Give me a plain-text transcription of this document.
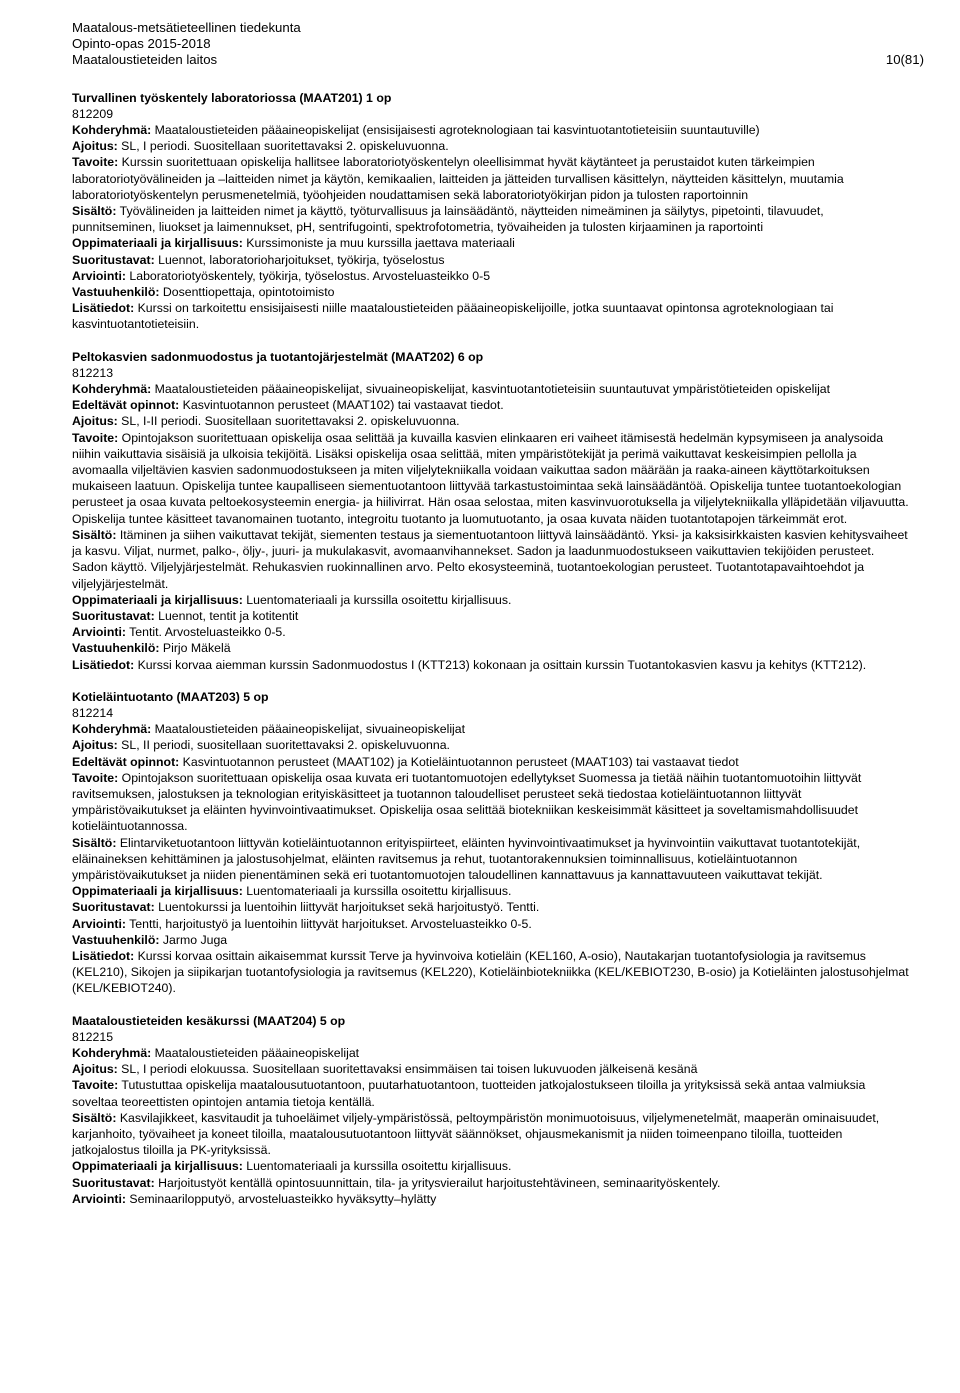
Maatalous-metsätieteellinen tiedekunta
Opinto-opas 2015-2018
Maataloustieteiden laitos	10(81)

Turvallinen työskentely laboratoriossa (MAAT201) 1 op

812209

Kohderyhmä: Maataloustieteiden pääaineopiskelijat (ensisijaisesti agroteknologiaan tai kasvintuotantotieteisiin suuntautuville)

Ajoitus: SL, I periodi. Suositellaan suoritettavaksi 2. opiskeluvuonna.

Tavoite: Kurssin suoritettuaan opiskelija hallitsee laboratoriotyöskentelyn oleellisimmat hyvät käytänteet ja perustaidot kuten tärkeimpien laboratoriotyövälineiden ja –laitteiden nimet ja käytön, kemikaalien, laitteiden ja jätteiden turvallisen käsittelyn, näytteiden käsittelyn, muutamia laboratoriotyöskentelyn perusmenetelmiä, työohjeiden noudattamisen sekä laboratoriotyökirjan pidon ja tulosten raportoinnin

Sisältö: Työvälineiden ja laitteiden nimet ja käyttö, työturvallisuus ja lainsäädäntö, näytteiden nimeäminen ja säilytys, pipetointi, tilavuudet, punnitseminen, liuokset ja laimennukset, pH, sentrifugointi, spektrofotometria, työvaiheiden ja tulosten kirjaaminen ja raportointi

Oppimateriaali ja kirjallisuus: Kurssimoniste ja muu kurssilla jaettava materiaali

Suoritustavat: Luennot, laboratorioharjoitukset, työkirja, työselostus

Arviointi: Laboratoriotyöskentely, työkirja, työselostus. Arvosteluasteikko 0-5

Vastuuhenkilö: Dosenttiopettaja, opintotoimisto

Lisätiedot: Kurssi on tarkoitettu ensisijaisesti niille maataloustieteiden pääaineopiskelijoille, jotka suuntaavat opintonsa agroteknologiaan tai kasvintuotantotieteisiin.

Peltokasvien sadonmuodostus ja tuotantojärjestelmät (MAAT202) 6 op

812213

Kohderyhmä: Maataloustieteiden pääaineopiskelijat, sivuaineopiskelijat, kasvintuotantotieteisiin suuntautuvat ympäristötieteiden opiskelijat

Edeltävät opinnot: Kasvintuotannon perusteet (MAAT102) tai vastaavat tiedot.

Ajoitus: SL, I-II periodi. Suositellaan suoritettavaksi 2. opiskeluvuonna.

Tavoite: Opintojakson suoritettuaan opiskelija osaa selittää ja kuvailla kasvien elinkaaren eri vaiheet itämisestä hedelmän kypsymiseen ja analysoida niihin vaikuttavia sisäisiä ja ulkoisia tekijöitä. Lisäksi opiskelija osaa selittää, miten ympäristötekijät ja perimä vaikuttavat keskeisimpien pellolla ja avomaalla viljeltävien kasvien sadonmuodostukseen ja miten viljelytekniikalla voidaan vaikuttaa sadon määrään ja raaka-aineen käyttötarkoituksen mukaiseen laatuun. Opiskelija tuntee kaupalliseen siementuotantoon liittyvää tarkastustoimintaa sekä lainsäädäntöä. Opiskelija tuntee tuotantoekologian perusteet ja osaa kuvata peltoekosysteemin energia- ja hiilivirrat. Hän osaa selostaa, miten kasvinvuorotuksella ja viljelytekniikalla ylläpidetään viljavuutta. Opiskelija tuntee käsitteet tavanomainen tuotanto, integroitu tuotanto ja luomutuotanto, ja osaa kuvata näiden tuotantotapojen tärkeimmät erot.

Sisältö: Itäminen ja siihen vaikuttavat tekijät, siementen testaus ja siementuotantoon liittyvä lainsäädäntö. Yksi- ja kaksisirkkaisten kasvien kehitysvaiheet ja kasvu. Viljat, nurmet, palko-, öljy-, juuri- ja mukulakasvit, avomaanvihannekset. Sadon ja laadunmuodostukseen vaikuttavien tekijöiden perusteet. Sadon käyttö. Viljelyjärjestelmät. Rehukasvien ruokinnallinen arvo. Pelto ekosysteeminä, tuotantoekologian perusteet. Tuotantotapavaihtoehdot ja viljelyjärjestelmät.

Oppimateriaali ja kirjallisuus: Luentomateriaali ja kurssilla osoitettu kirjallisuus.

Suoritustavat: Luennot, tentit ja kotitentit

Arviointi: Tentit. Arvosteluasteikko 0-5.

Vastuuhenkilö: Pirjo Mäkelä

Lisätiedot: Kurssi korvaa aiemman kurssin Sadonmuodostus I (KTT213) kokonaan ja osittain kurssin Tuotantokasvien kasvu ja kehitys (KTT212).

Kotieläintuotanto (MAAT203) 5 op

812214

Kohderyhmä: Maataloustieteiden pääaineopiskelijat, sivuaineopiskelijat

Ajoitus: SL, II periodi, suositellaan suoritettavaksi 2. opiskeluvuonna.

Edeltävät opinnot: Kasvintuotannon perusteet (MAAT102) ja Kotieläintuotannon perusteet (MAAT103) tai vastaavat tiedot

Tavoite: Opintojakson suoritettuaan opiskelija osaa kuvata eri tuotantomuotojen edellytykset Suomessa ja tietää näihin tuotantomuotoihin liittyvät ravitsemuksen, jalostuksen ja teknologian erityiskäsitteet ja tuotannon taloudelliset perusteet sekä tiedostaa kotieläintuotannon liittyvät ympäristövaikutukset ja eläinten hyvinvointivaatimukset. Opiskelija osaa selittää biotekniikan keskeisimmät käsitteet ja soveltamismahdollisuudet kotieläintuotannossa.

Sisältö: Elintarviketuotantoon liittyvän kotieläintuotannon erityispiirteet, eläinten hyvinvointivaatimukset ja hyvinvointiin vaikuttavat tuotantotekijät, eläinaineksen kehittäminen ja jalostusohjelmat, eläinten ravitsemus ja rehut, tuotantorakennuksien toiminnallisuus, kotieläintuotannon ympäristövaikutukset ja niiden pienentäminen sekä eri tuotantomuotojen taloudellinen kannattavuus ja kannattavuuteen vaikuttavat tekijät.

Oppimateriaali ja kirjallisuus: Luentomateriaali ja kurssilla osoitettu kirjallisuus.

Suoritustavat: Luentokurssi ja luentoihin liittyvät harjoitukset sekä harjoitustyö. Tentti.

Arviointi: Tentti, harjoitustyö ja luentoihin liittyvät harjoitukset. Arvosteluasteikko 0-5.

Vastuuhenkilö: Jarmo Juga

Lisätiedot: Kurssi korvaa osittain aikaisemmat kurssit Terve ja hyvinvoiva kotieläin (KEL160, A-osio), Nautakarjan tuotantofysiologia ja ravitsemus (KEL210), Sikojen ja siipikarjan tuotantofysiologia ja ravitsemus (KEL220), Kotieläinbiotekniikka (KEL/KEBIOT230, B-osio) ja Kotieläinten jalostusohjelmat (KEL/KEBIOT240).

Maataloustieteiden kesäkurssi (MAAT204) 5 op

812215

Kohderyhmä: Maataloustieteiden pääaineopiskelijat

Ajoitus: SL, I periodi elokuussa. Suositellaan suoritettavaksi ensimmäisen tai toisen lukuvuoden jälkeisenä kesänä

Tavoite: Tutustuttaa opiskelija maatalousutuotantoon, puutarhatuotantoon, tuotteiden jatkojalostukseen tiloilla ja yrityksissä sekä antaa valmiuksia soveltaa teoreettisten opintojen antamia tietoja kentällä.

Sisältö: Kasvilajikkeet, kasvitaudit ja tuhoeläimet viljely-ympäristössä, peltoympäristön monimuotoisuus, viljelymenetelmät, maaperän ominaisuudet, karjanhoito, työvaiheet ja koneet tiloilla, maatalousutuotantoon liittyvät säännökset, ohjausmekanismit ja niiden toimeenpano tiloilla, tuotteiden jatkojalostus tiloilla ja PK-yrityksissä.

Oppimateriaali ja kirjallisuus: Luentomateriaali ja kurssilla osoitettu kirjallisuus.

Suoritustavat: Harjoitustyöt kentällä opintosuunnittain, tila- ja yritysvierailut harjoitustehtävineen, seminaarityöskentely.

Arviointi: Seminaarilopputyö, arvosteluasteikko hyväksytty–hylätty
